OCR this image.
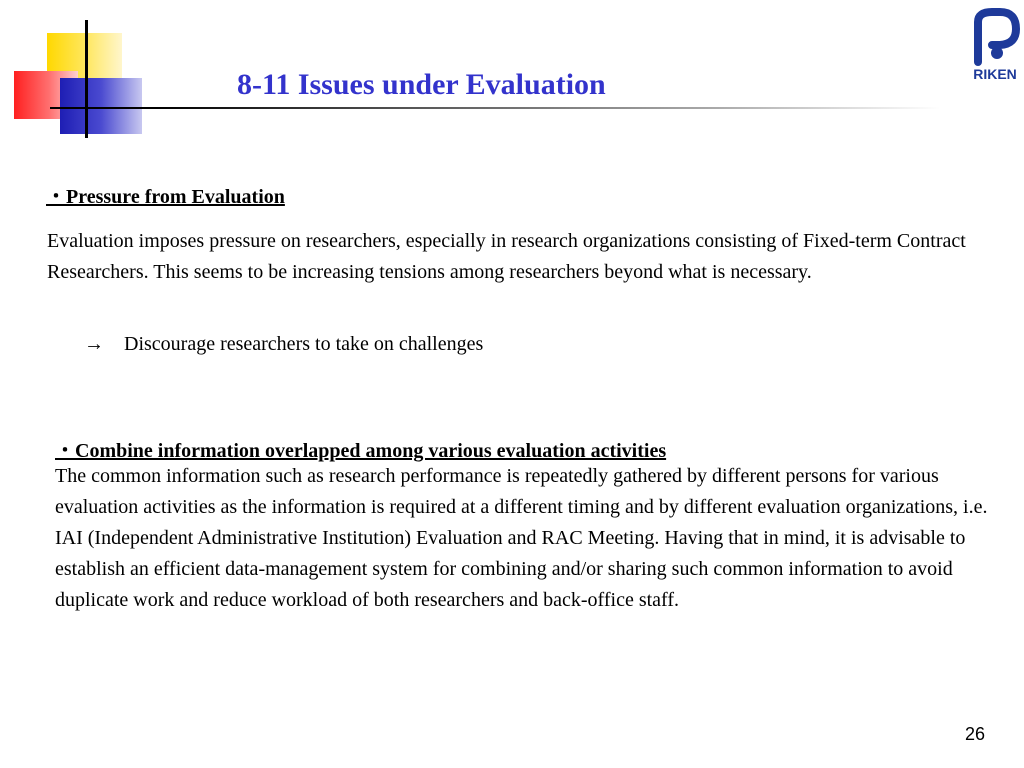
8-11 Issues under Evaluation	RIKEN
・Pressure from Evaluation

Evaluation imposes pressure on researchers, especially in research organizations consisting of Fixed-term Contract Researchers. This seems to be increasing tensions among researchers beyond what is necessary.

→ Discourage researchers to take on challenges
・Combine information overlapped among various evaluation activities

The common information such as research performance is repeatedly gathered by different persons for various evaluation activities as the information is required at a different timing and by different evaluation organizations, i.e. IAI (Independent Administrative Institution) Evaluation and RAC Meeting. Having that in mind, it is advisable to establish an efficient data-management system for combining and/or sharing such common information to avoid duplicate work and reduce workload of both researchers and back-office staff.

26
